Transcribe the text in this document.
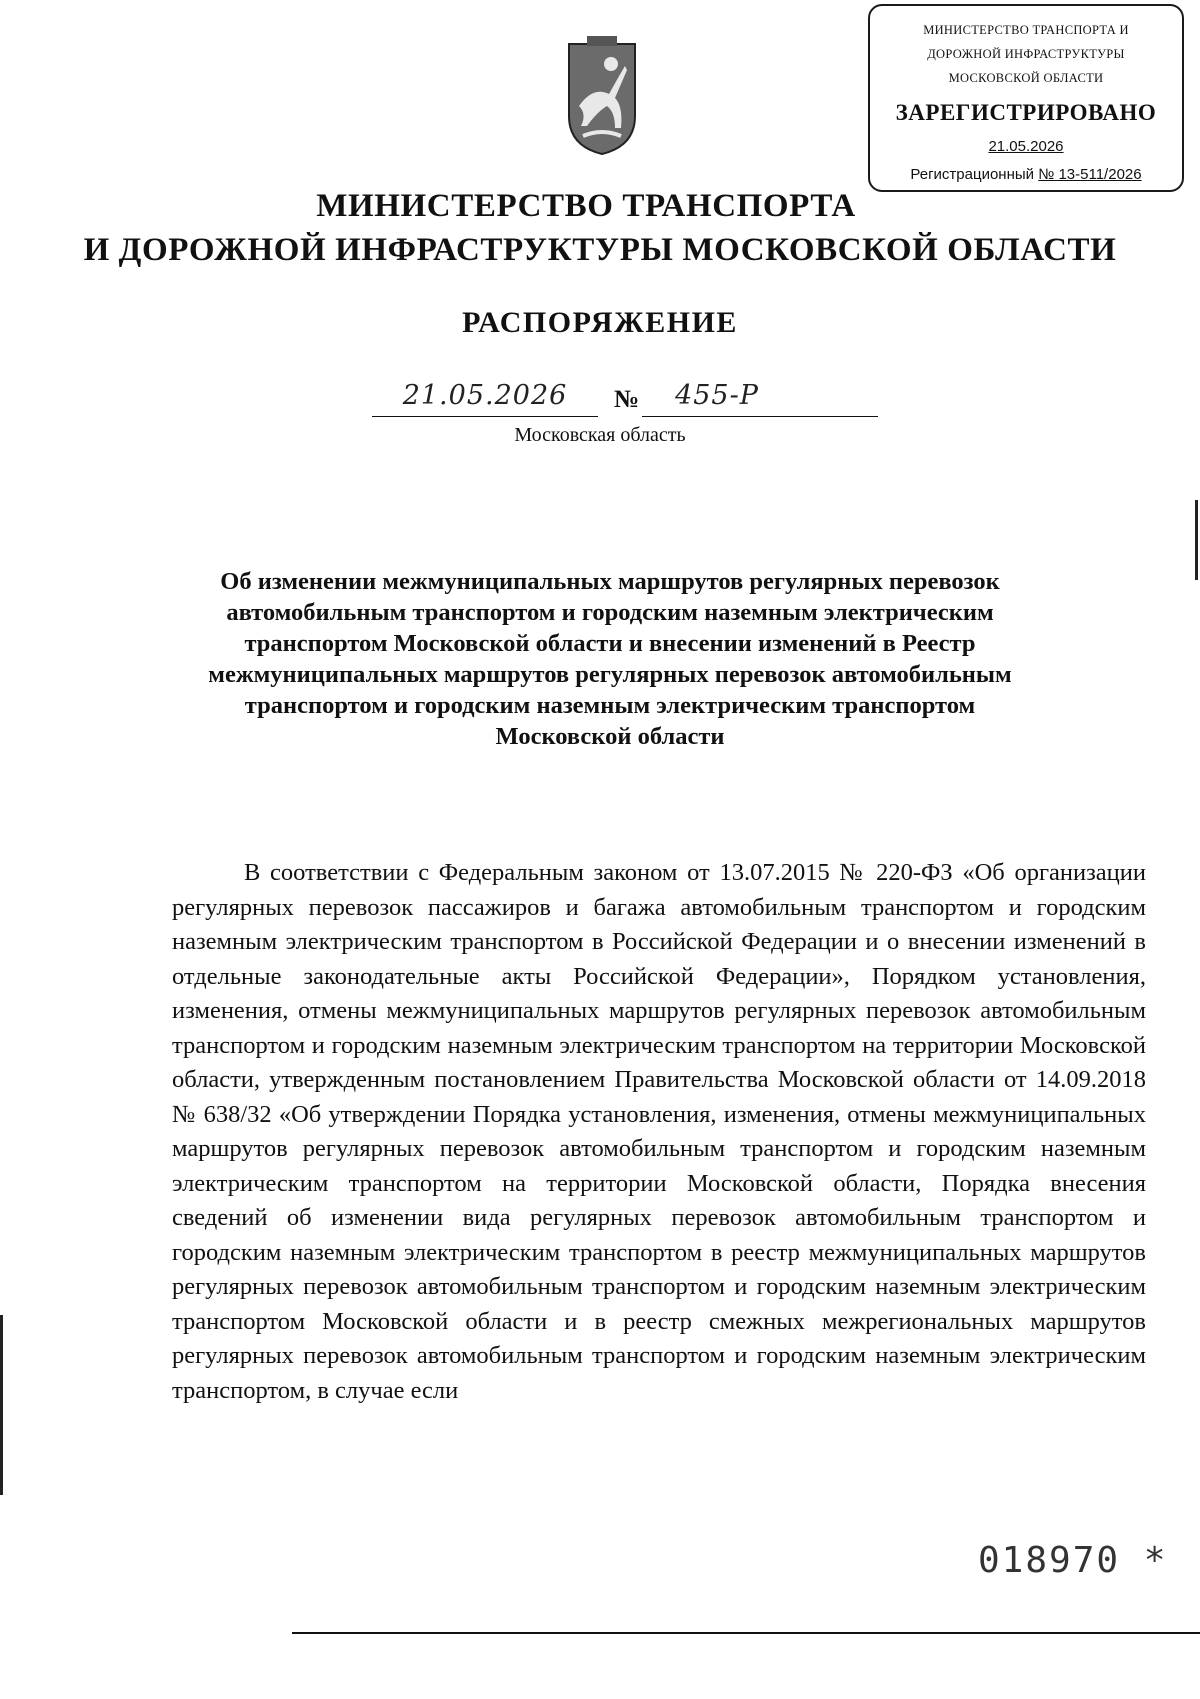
МИНИСТЕРСТВО ТРАНСПОРТА И
ДОРОЖНОЙ ИНФРАСТРУКТУРЫ
МОСКОВСКОЙ ОБЛАСТИ
ЗАРЕГИСТРИРОВАНО
21.05.2026
Регистрационный № 13-511/2026
МИНИСТЕРСТВО ТРАНСПОРТА
И ДОРОЖНОЙ ИНФРАСТРУКТУРЫ МОСКОВСКОЙ ОБЛАСТИ
РАСПОРЯЖЕНИЕ
21.05.2026	№	455-Р
Московская область
Об изменении межмуниципальных маршрутов регулярных перевозок автомобильным транспортом и городским наземным электрическим транспортом Московской области и внесении изменений в Реестр межмуниципальных маршрутов регулярных перевозок автомобильным транспортом и городским наземным электрическим транспортом Московской области
В соответствии с Федеральным законом от 13.07.2015 № 220-ФЗ «Об организации регулярных перевозок пассажиров и багажа автомобильным транспортом и городским наземным электрическим транспортом в Российской Федерации и о внесении изменений в отдельные законодательные акты Российской Федерации», Порядком установления, изменения, отмены межмуниципальных маршрутов регулярных перевозок автомобильным транспортом и городским наземным электрическим транспортом на территории Московской области, утвержденным постановлением Правительства Московской области от 14.09.2018 № 638/32 «Об утверждении Порядка установления, изменения, отмены межмуниципальных маршрутов регулярных перевозок автомобильным транспортом и городским наземным электрическим транспортом на территории Московской области, Порядка внесения сведений об изменении вида регулярных перевозок автомобильным транспортом и городским наземным электрическим транспортом в реестр межмуниципальных маршрутов регулярных перевозок автомобильным транспортом и городским наземным электрическим транспортом Московской области и в реестр смежных межрегиональных маршрутов регулярных перевозок автомобильным транспортом и городским наземным электрическим транспортом, в случае если
018970 *
